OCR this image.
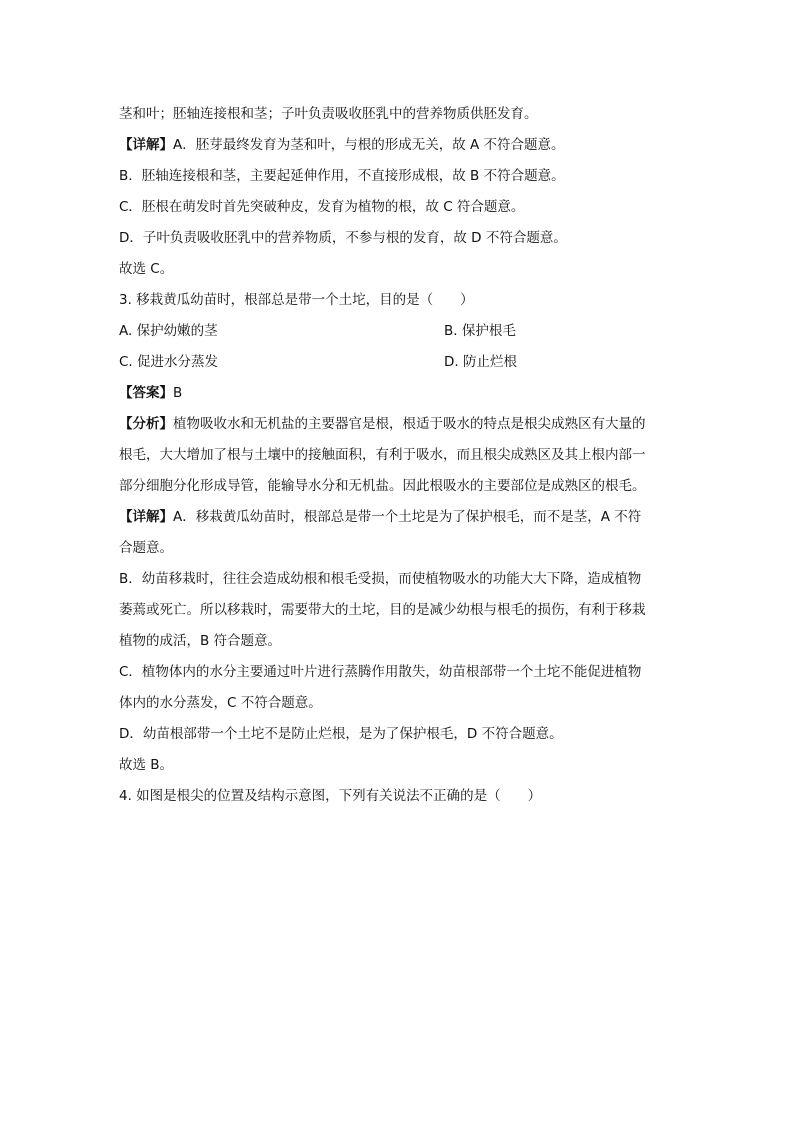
茎和叶；胚轴连接根和茎；子叶负责吸收胚乳中的营养物质供胚发育。
【详解】A．胚芽最终发育为茎和叶，与根的形成无关，故 A 不符合题意。
B．胚轴连接根和茎，主要起延伸作用，不直接形成根，故 B 不符合题意。
C．胚根在萌发时首先突破种皮，发育为植物的根，故 C 符合题意。
D．子叶负责吸收胚乳中的营养物质，不参与根的发育，故 D 不符合题意。
故选 C。
3. 移栽黄瓜幼苗时，根部总是带一个土坨，目的是（　　）
A. 保护幼嫩的茎	B. 保护根毛
C. 促进水分蒸发	D. 防止烂根
【答案】B
【分析】植物吸收水和无机盐的主要器官是根，根适于吸水的特点是根尖成熟区有大量的
根毛，大大增加了根与土壤中的接触面积，有利于吸水，而且根尖成熟区及其上根内部一
部分细胞分化形成导管，能输导水分和无机盐。因此根吸水的主要部位是成熟区的根毛。
【详解】A．移栽黄瓜幼苗时，根部总是带一个土坨是为了保护根毛，而不是茎，A 不符
合题意。
B．幼苗移栽时，往往会造成幼根和根毛受损，而使植物吸水的功能大大下降，造成植物
萎蔫或死亡。所以移栽时，需要带大的土坨，目的是减少幼根与根毛的损伤，有利于移栽
植物的成活，B 符合题意。
C．植物体内的水分主要通过叶片进行蒸腾作用散失，幼苗根部带一个土坨不能促进植物
体内的水分蒸发，C 不符合题意。
D．幼苗根部带一个土坨不是防止烂根，是为了保护根毛，D 不符合题意。
故选 B。
4. 如图是根尖的位置及结构示意图，下列有关说法不正确的是（　　）
